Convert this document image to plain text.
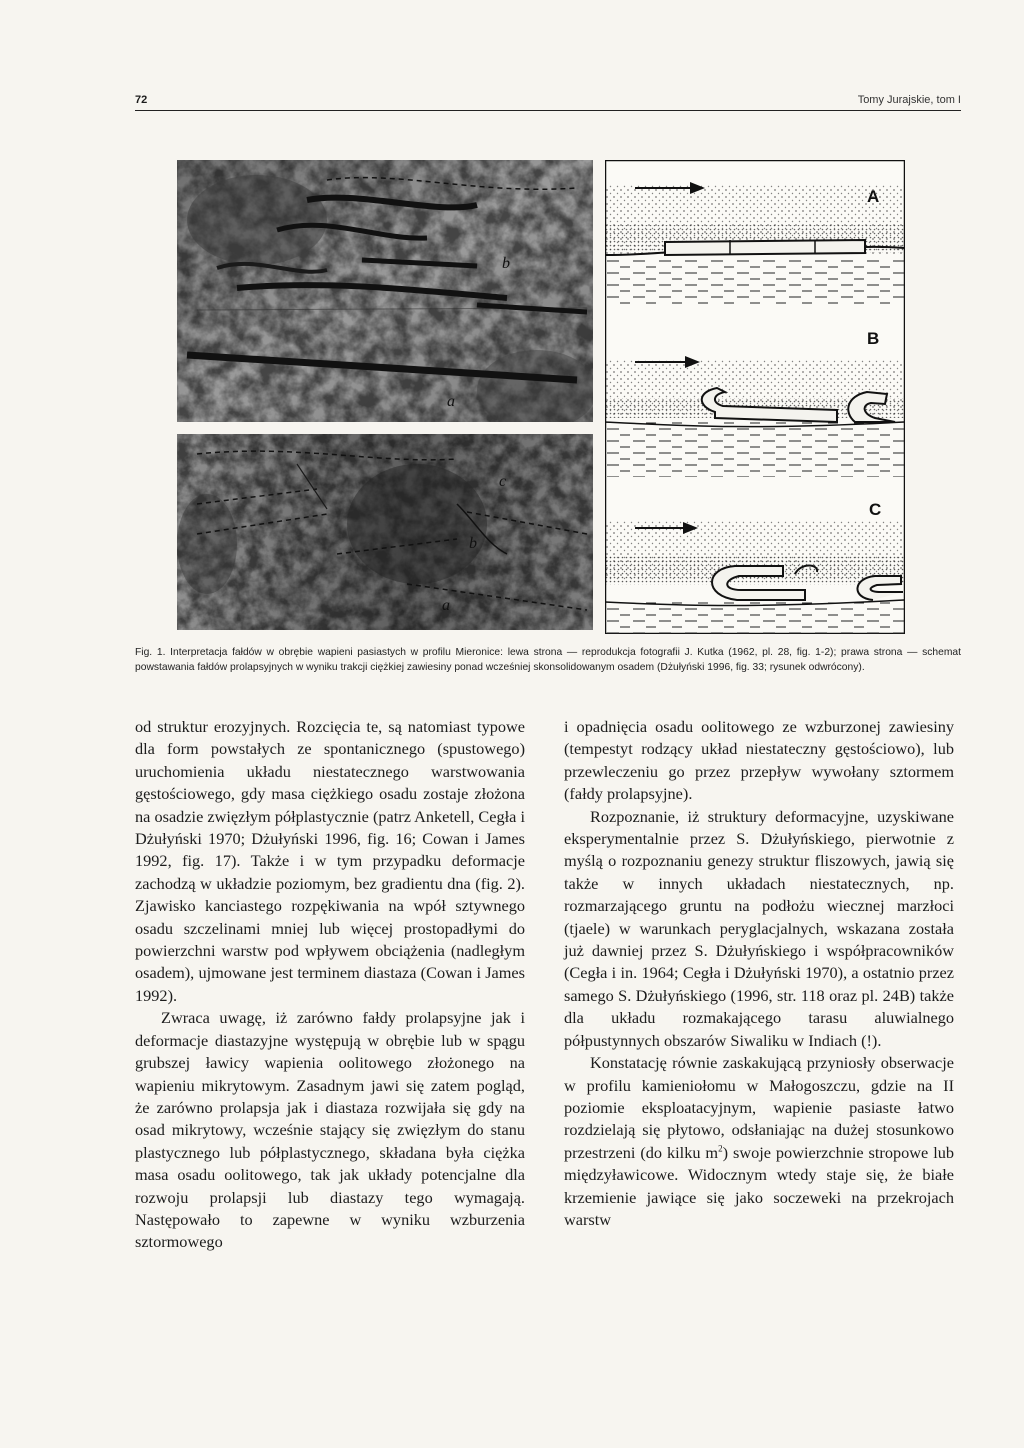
72	Tomy Jurajskie, tom I
b
a
c
b
a
A
B
C
Fig. 1. Interpretacja fałdów w obrębie wapieni pasiastych w profilu Mieronice: lewa strona — reprodukcja fotografii J. Kutka (1962, pl. 28, fig. 1-2); prawa strona — schemat powstawania fałdów prolapsyjnych w wyniku trakcji ciężkiej zawiesiny ponad wcześniej skonsolidowanym osadem (Dżułyński 1996, fig. 33; rysunek odwrócony).

od struktur erozyjnych. Rozcięcia te, są natomiast typowe dla form powstałych ze spontanicznego (spustowego) uruchomienia układu niestatecznego warstwowania gęstościowego, gdy masa ciężkiego osadu zostaje złożona na osadzie zwięzłym półplastycznie (patrz Anketell, Cegła i Dżułyński 1970; Dżułyński 1996, fig. 16; Cowan i James 1992, fig. 17). Także i w tym przypadku deformacje zachodzą w układzie poziomym, bez gradientu dna (fig. 2). Zjawisko kanciastego rozpękiwania na wpół sztywnego osadu szczelinami mniej lub więcej prostopadłymi do powierzchni warstw pod wpływem obciążenia (nadległym osadem), ujmowane jest terminem diastaza (Cowan i James 1992).

Zwraca uwagę, iż zarówno fałdy prolapsyjne jak i deformacje diastazyjne występują w obrębie lub w spągu grubszej ławicy wapienia oolitowego złożonego na wapieniu mikrytowym. Zasadnym jawi się zatem pogląd, że zarówno prolapsja jak i diastaza rozwijała się gdy na osad mikrytowy, wcześnie stający się zwięzłym do stanu plastycznego lub półplastycznego, składana była ciężka masa osadu oolitowego, tak jak układy potencjalne dla rozwoju prolapsji lub diastazy tego wymagają. Następowało to zapewne w wyniku wzburzenia sztormowego

i opadnięcia osadu oolitowego ze wzburzonej zawiesiny (tempestyt rodzący układ niestateczny gęstościowo), lub przewleczeniu go przez przepływ wywołany sztormem (fałdy prolapsyjne).

Rozpoznanie, iż struktury deformacyjne, uzyskiwane eksperymentalnie przez S. Dżułyńskiego, pierwotnie z myślą o rozpoznaniu genezy struktur fliszowych, jawią się także w innych układach niestatecznych, np. rozmarzającego gruntu na podłożu wiecznej marzłoci (tjaele) w warunkach peryglacjalnych, wskazana została już dawniej przez S. Dżułyńskiego i współpracowników (Cegła i in. 1964; Cegła i Dżułyński 1970), a ostatnio przez samego S. Dżułyńskiego (1996, str. 118 oraz pl. 24B) także dla układu rozmakającego tarasu aluwialnego półpustynnych obszarów Siwaliku w Indiach (!).

Konstatację równie zaskakującą przyniosły obserwacje w profilu kamieniołomu w Małogoszczu, gdzie na II poziomie eksploatacyjnym, wapienie pasiaste łatwo rozdzielają się płytowo, odsłaniając na dużej stosunkowo przestrzeni (do kilku $m^2$) swoje powierzchnie stropowe lub międzyławicowe. Widocznym wtedy staje się, że białe krzemienie jawiące się jako soczeweki na przekrojach warstw
